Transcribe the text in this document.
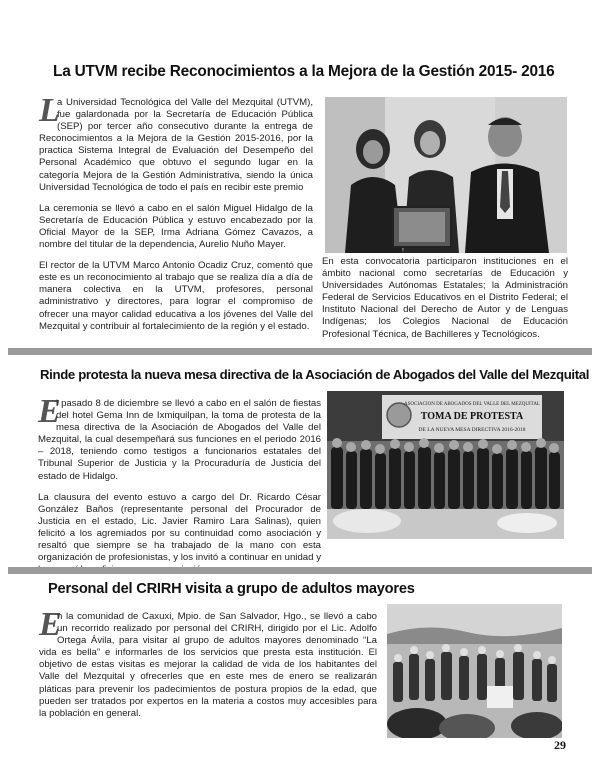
La UTVM recibe Reconocimientos a la Mejora de la Gestión 2015- 2016

L
a Universidad Tecnológica del Valle del Mezquital (UTVM), fue galardonada por la Secretaría de Educación Pública (SEP) por tercer año consecutivo durante la entrega de Reconocimientos a la Mejora de la Gestión 2015-2016, por la practica Sistema Integral de Evaluación del Desempeño del Personal Académico que obtuvo el segundo lugar en la categoría Mejora de la Gestión Administrativa, siendo la única Universidad Tecnológica de todo el país en recibir este premio

La ceremonia se llevó a cabo en el salón Miguel Hidalgo de la Secretaría de Educación Pública y estuvo encabezado por la Oficial Mayor de la SEP, Irma Adriana Gómez Cavazos, a nombre del titular de la dependencia, Aurelio Nuño Mayer.

El rector de la UTVM Marco Antonio Ocadiz Cruz, comentó que este es un reconocimiento al trabajo que se realiza día a día de manera colectiva en la UTVM, profesores, personal administrativo y directores, para lograr el compromiso de ofrecer una mayor calidad educativa a los jóvenes del Valle del Mezquital y contribuir al fortalecimiento de la región y el estado.

En esta convocatoria participaron instituciones en el ámbito nacional como secretarías de Educación y Universidades Autónomas Estatales; la Administración Federal de Servicios Educativos en el Distrito Federal; el Instituto Nacional del Derecho de Autor y de Lenguas Indígenas; los Colegios Nacional de Educación Profesional Técnica, de Bachilleres y Tecnológicos.
Rinde protesta la nueva mesa directiva de la Asociación de Abogados del Valle del Mezquital

E
l pasado 8 de diciembre se llevó a cabo en el salón de fiestas del hotel Gema Inn de Ixmiquilpan, la toma de protesta de la mesa directiva de la Asociación de Abogados del Valle del Mezquital, la cual desempeñará sus funciones en el periodo 2016 – 2018, teniendo como testigos a funcionarios estatales del Tribunal Superior de Justicia y la Procuraduría de Justicia del estado de Hidalgo.

La clausura del evento estuvo a cargo del Dr. Ricardo César González Baños (representante personal del Procurador de Justicia en el estado, Lic. Javier Ramiro Lara Salinas), quien felicitó a los agremiados por su continuidad como asociación y resaltó que siempre se ha trabajado de la mano con esta organización de profesionistas, y los invitó a continuar en unidad y

ASOCIACION DE ABOGADOS DEL VALLE DEL MEZQUITAL
TOMA DE PROTESTA
DE LA NUEVA MESA DIRECTIVA 2016-2018
Personal del CRIRH visita a grupo de adultos mayores

E
n la comunidad de Caxuxi, Mpio. de San Salvador, Hgo., se llevó a cabo un recorrido realizado por personal del CRIRH, dirigido por el Lic. Adolfo Ortega Ávila, para visitar al grupo de adultos mayores denominado “La vida es bella” e informarles de los servicios que presta esta institución. El objetivo de estas visitas es mejorar la calidad de vida de los habitantes del Valle del Mezquital y ofrecerles que en este mes de enero se realizarán pláticas para prevenir los padecimientos de postura propios de la edad, que pueden ser tratados por expertos en la materia a costos muy accesibles para la población en general.

29
